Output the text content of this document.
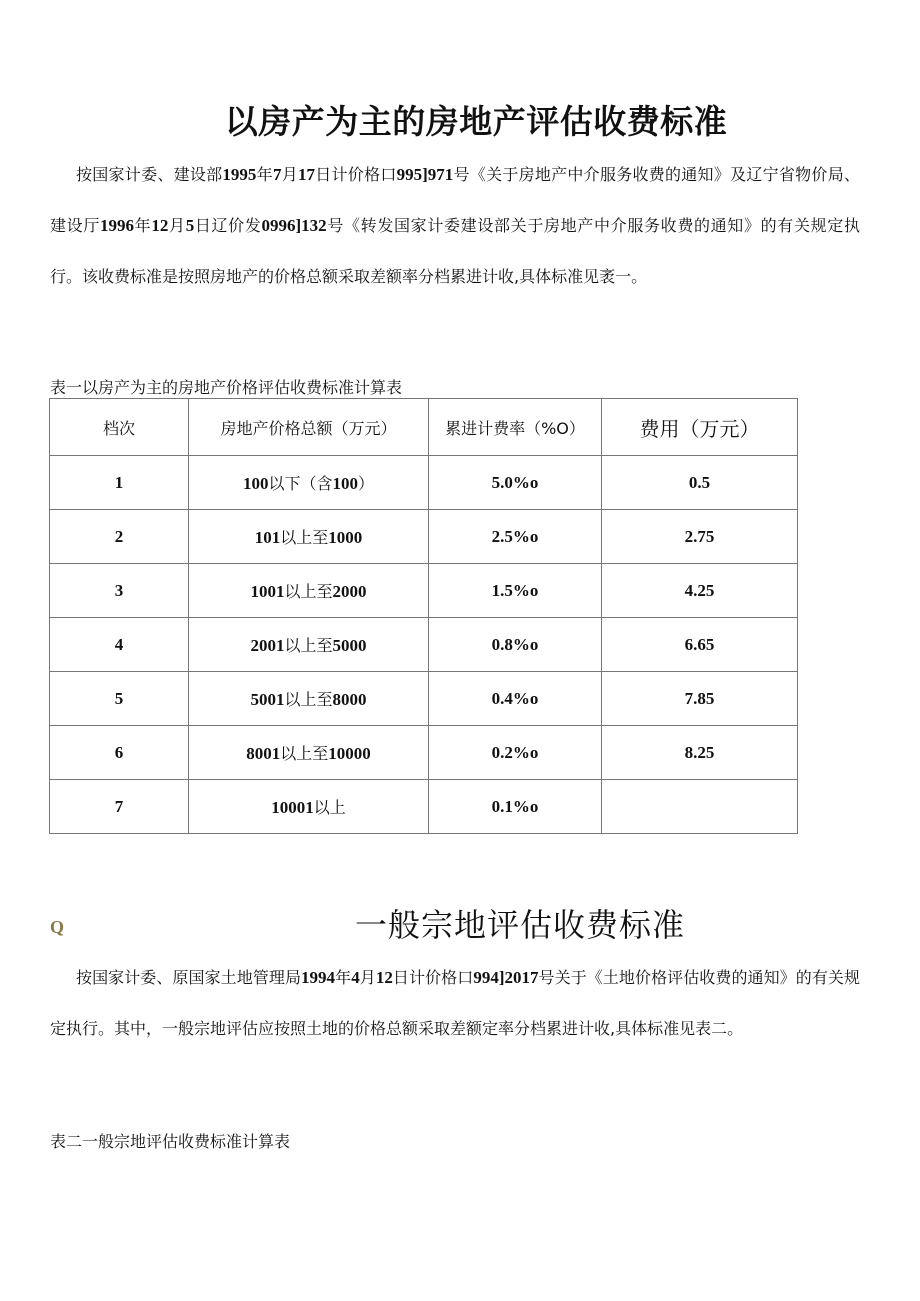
以房产为主的房地产评估收费标准

按国家计委、建设部1995年7月17日计价格口995]971号《关于房地产中介服务收费的通知》及辽宁省物价局、建设厅1996年12月5日辽价发0996]132号《转发国家计委建设部关于房地产中介服务收费的通知》的有关规定执行。该收费标准是按照房地产的价格总额采取差额率分档累进计收,具体标准见袤一。

表一以房产为主的房地产价格评估收费标准计算表
档次	房地产价格总额（万元）	累进计费率（%O）	费用（万元）
1	100以下（含100）	5.0%o	0.5
2	101以上至1000	2.5%o	2.75
3	1001以上至2000	1.5%o	4.25
4	2001以上至5000	0.8%o	6.65
5	5001以上至8000	0.4%o	7.85
6	8001以上至10000	0.2%o	8.25
7	10001以上	0.1%o	
Q	一般宗地评估收费标准

按国家计委、原国家土地管理局1994年4月12日计价格口994]2017号关于《土地价格评估收费的通知》的有关规定执行。其中，一般宗地评估应按照土地的价格总额采取差额定率分档累进计收,具体标准见表二。

表二一般宗地评估收费标准计算表
